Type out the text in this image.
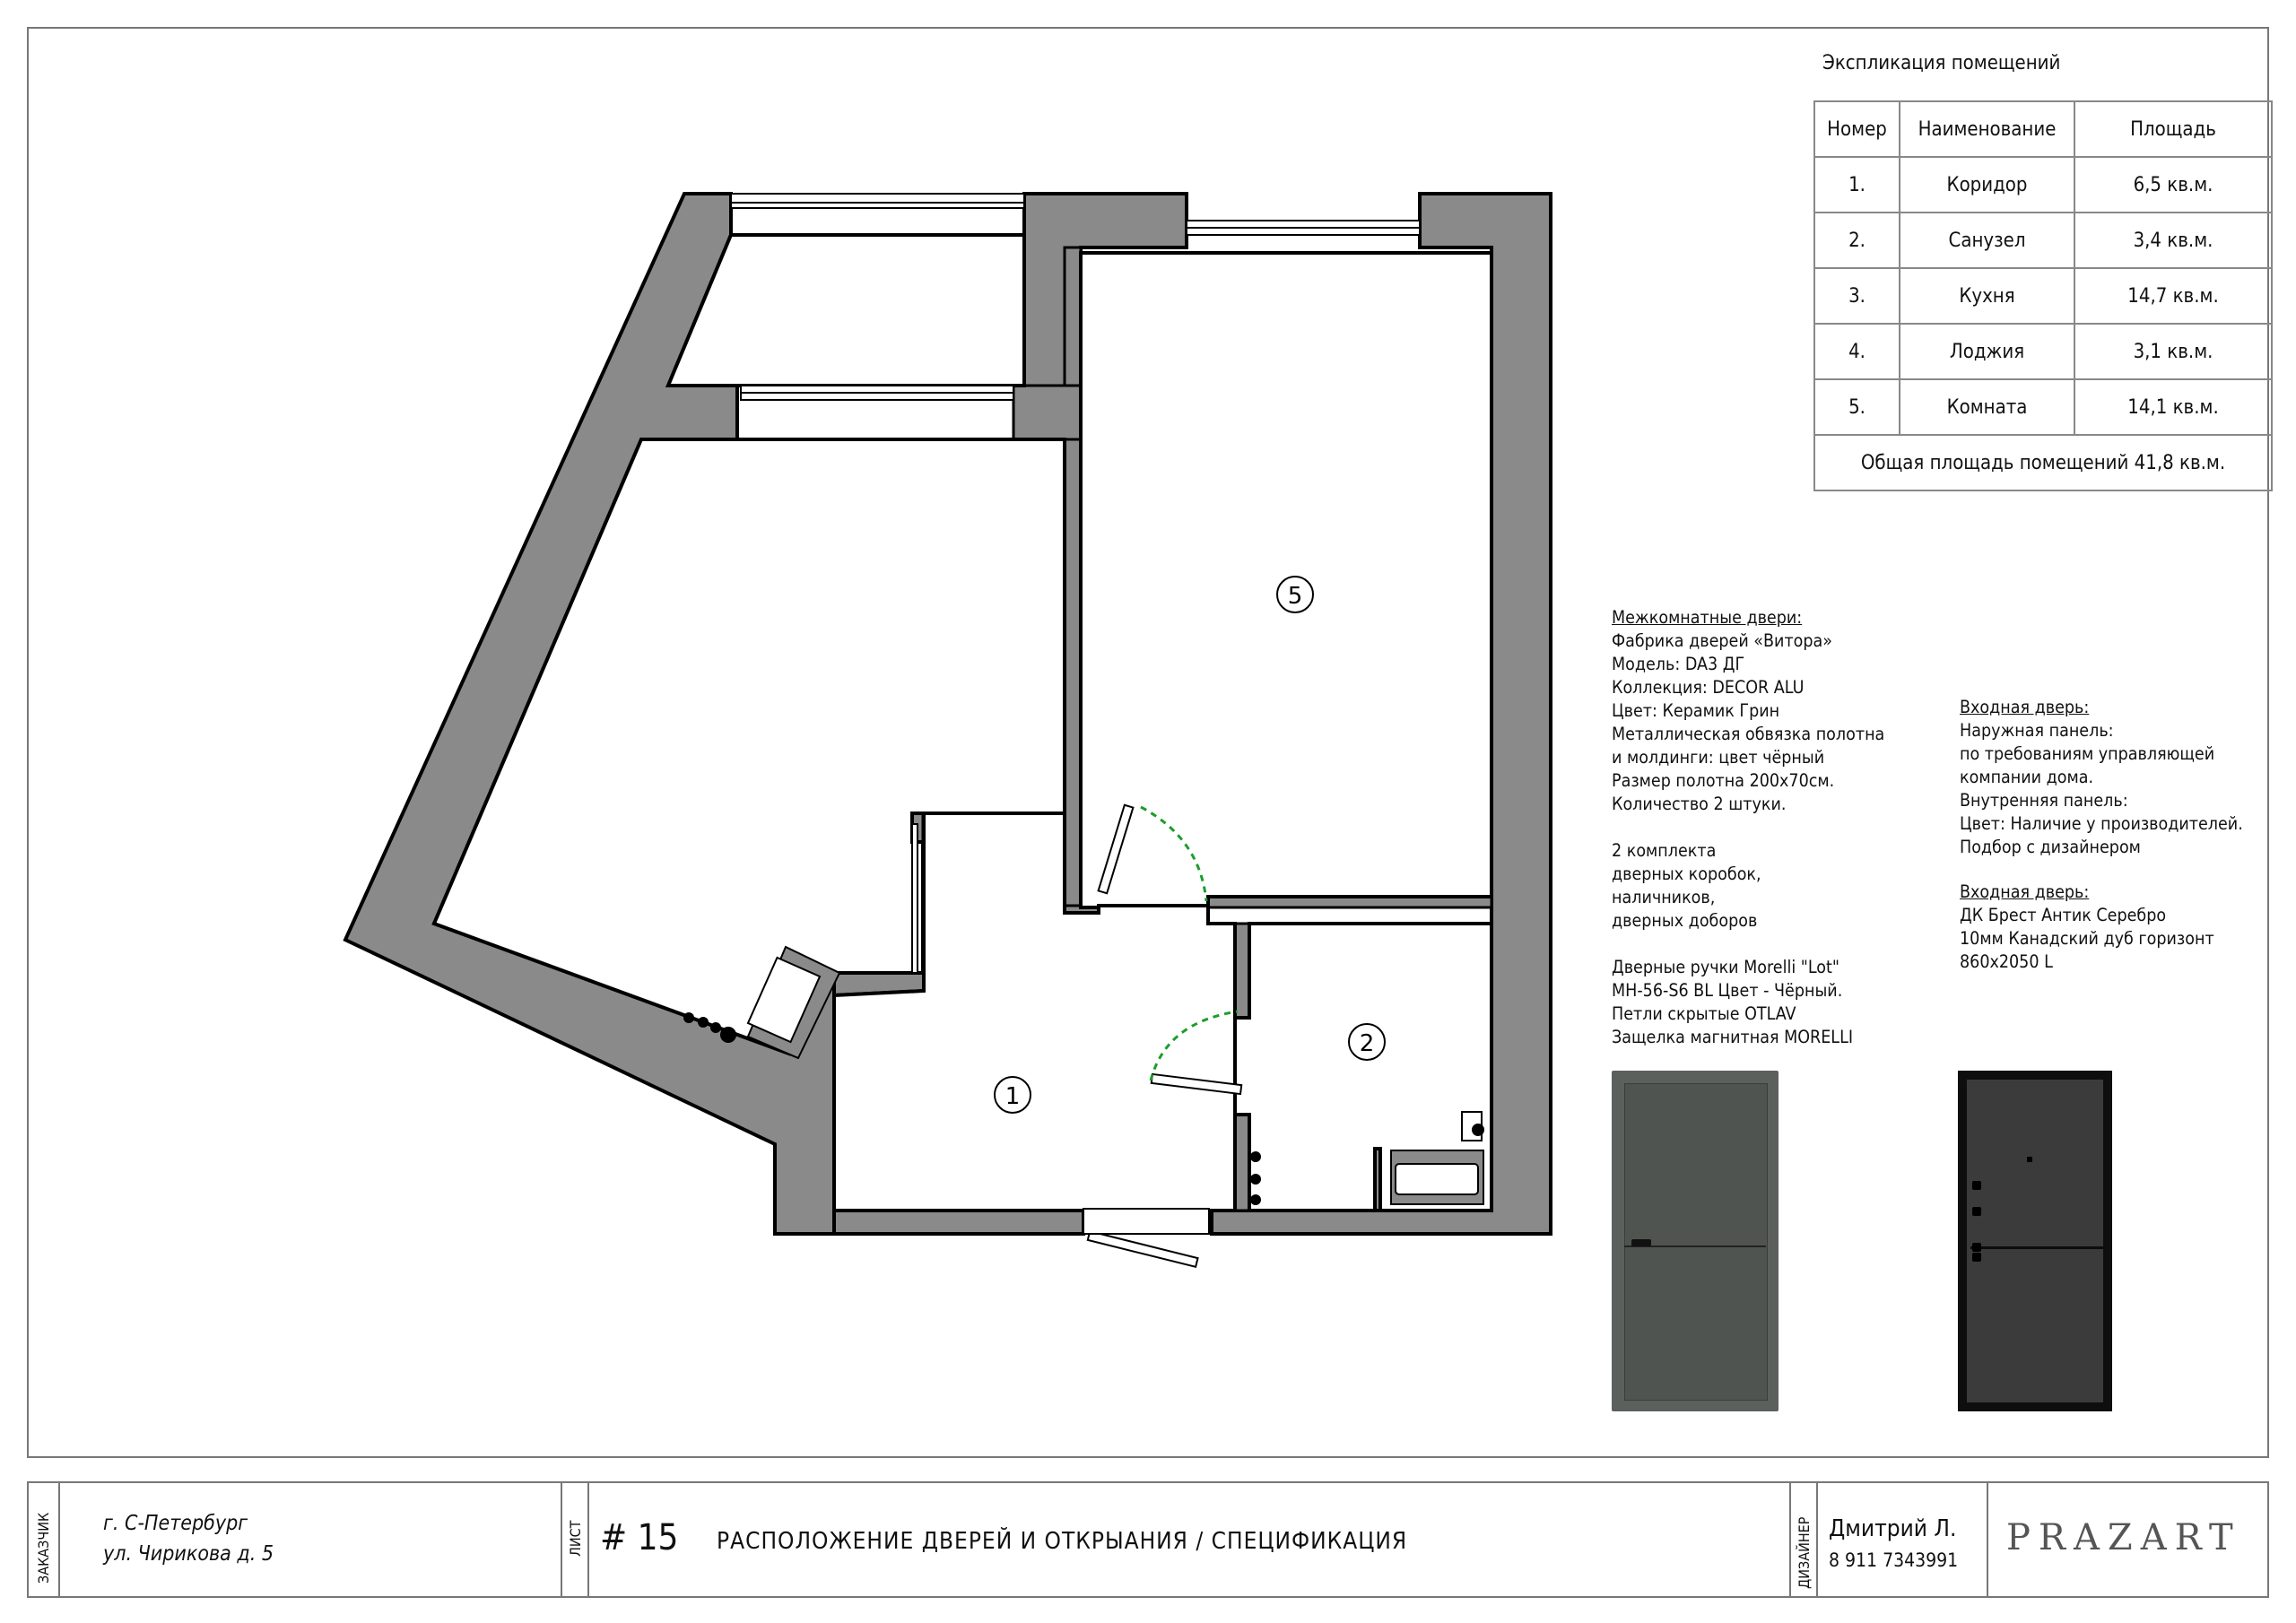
1
2
5
Экспликация помещений
Номер	Наименование	Площадь
1.	Коридор	6,5 кв.м.
2.	Санузел	3,4 кв.м.
3.	Кухня	14,7 кв.м.
4.	Лоджия	3,1 кв.м.
5.	Комната	14,1 кв.м.
Общая площадь помещений 41,8 кв.м.		
Межкомнатные двери:
Фабрика дверей «Витора»
Модель: DA3 ДГ
Коллекция: DECOR ALU
Цвет: Керамик Грин
Металлическая обвязка полотна
и молдинги: цвет чёрный
Размер полотна 200х70см.
Количество 2 штуки.
2 комплекта
дверных коробок,
наличников,
дверных доборов
Дверные ручки Morelli "Lot"
MH-56-S6 BL Цвет - Чёрный.
Петли скрытые OTLAV
Защелка магнитная MORELLI
Входная дверь:
Наружная панель:
по требованиям управляющей
компании дома.
Внутренняя панель:
Цвет: Наличие у производителей.
Подбор с дизайнером
Входная дверь:
ДК Брест Антик Серебро
10мм Канадский дуб горизонт
860х2050 L
ЗАКАЗЧИК г. С-Петербург
ул. Чирикова д. 5	ЛИСТ # 15 РАСПОЛОЖЕНИЕ ДВЕРЕЙ И ОТКРЫАНИЯ / СПЕЦИФИКАЦИЯ	ДИЗАЙНЕР Дмитрий Л.
8 911 7343991
PRAZART
